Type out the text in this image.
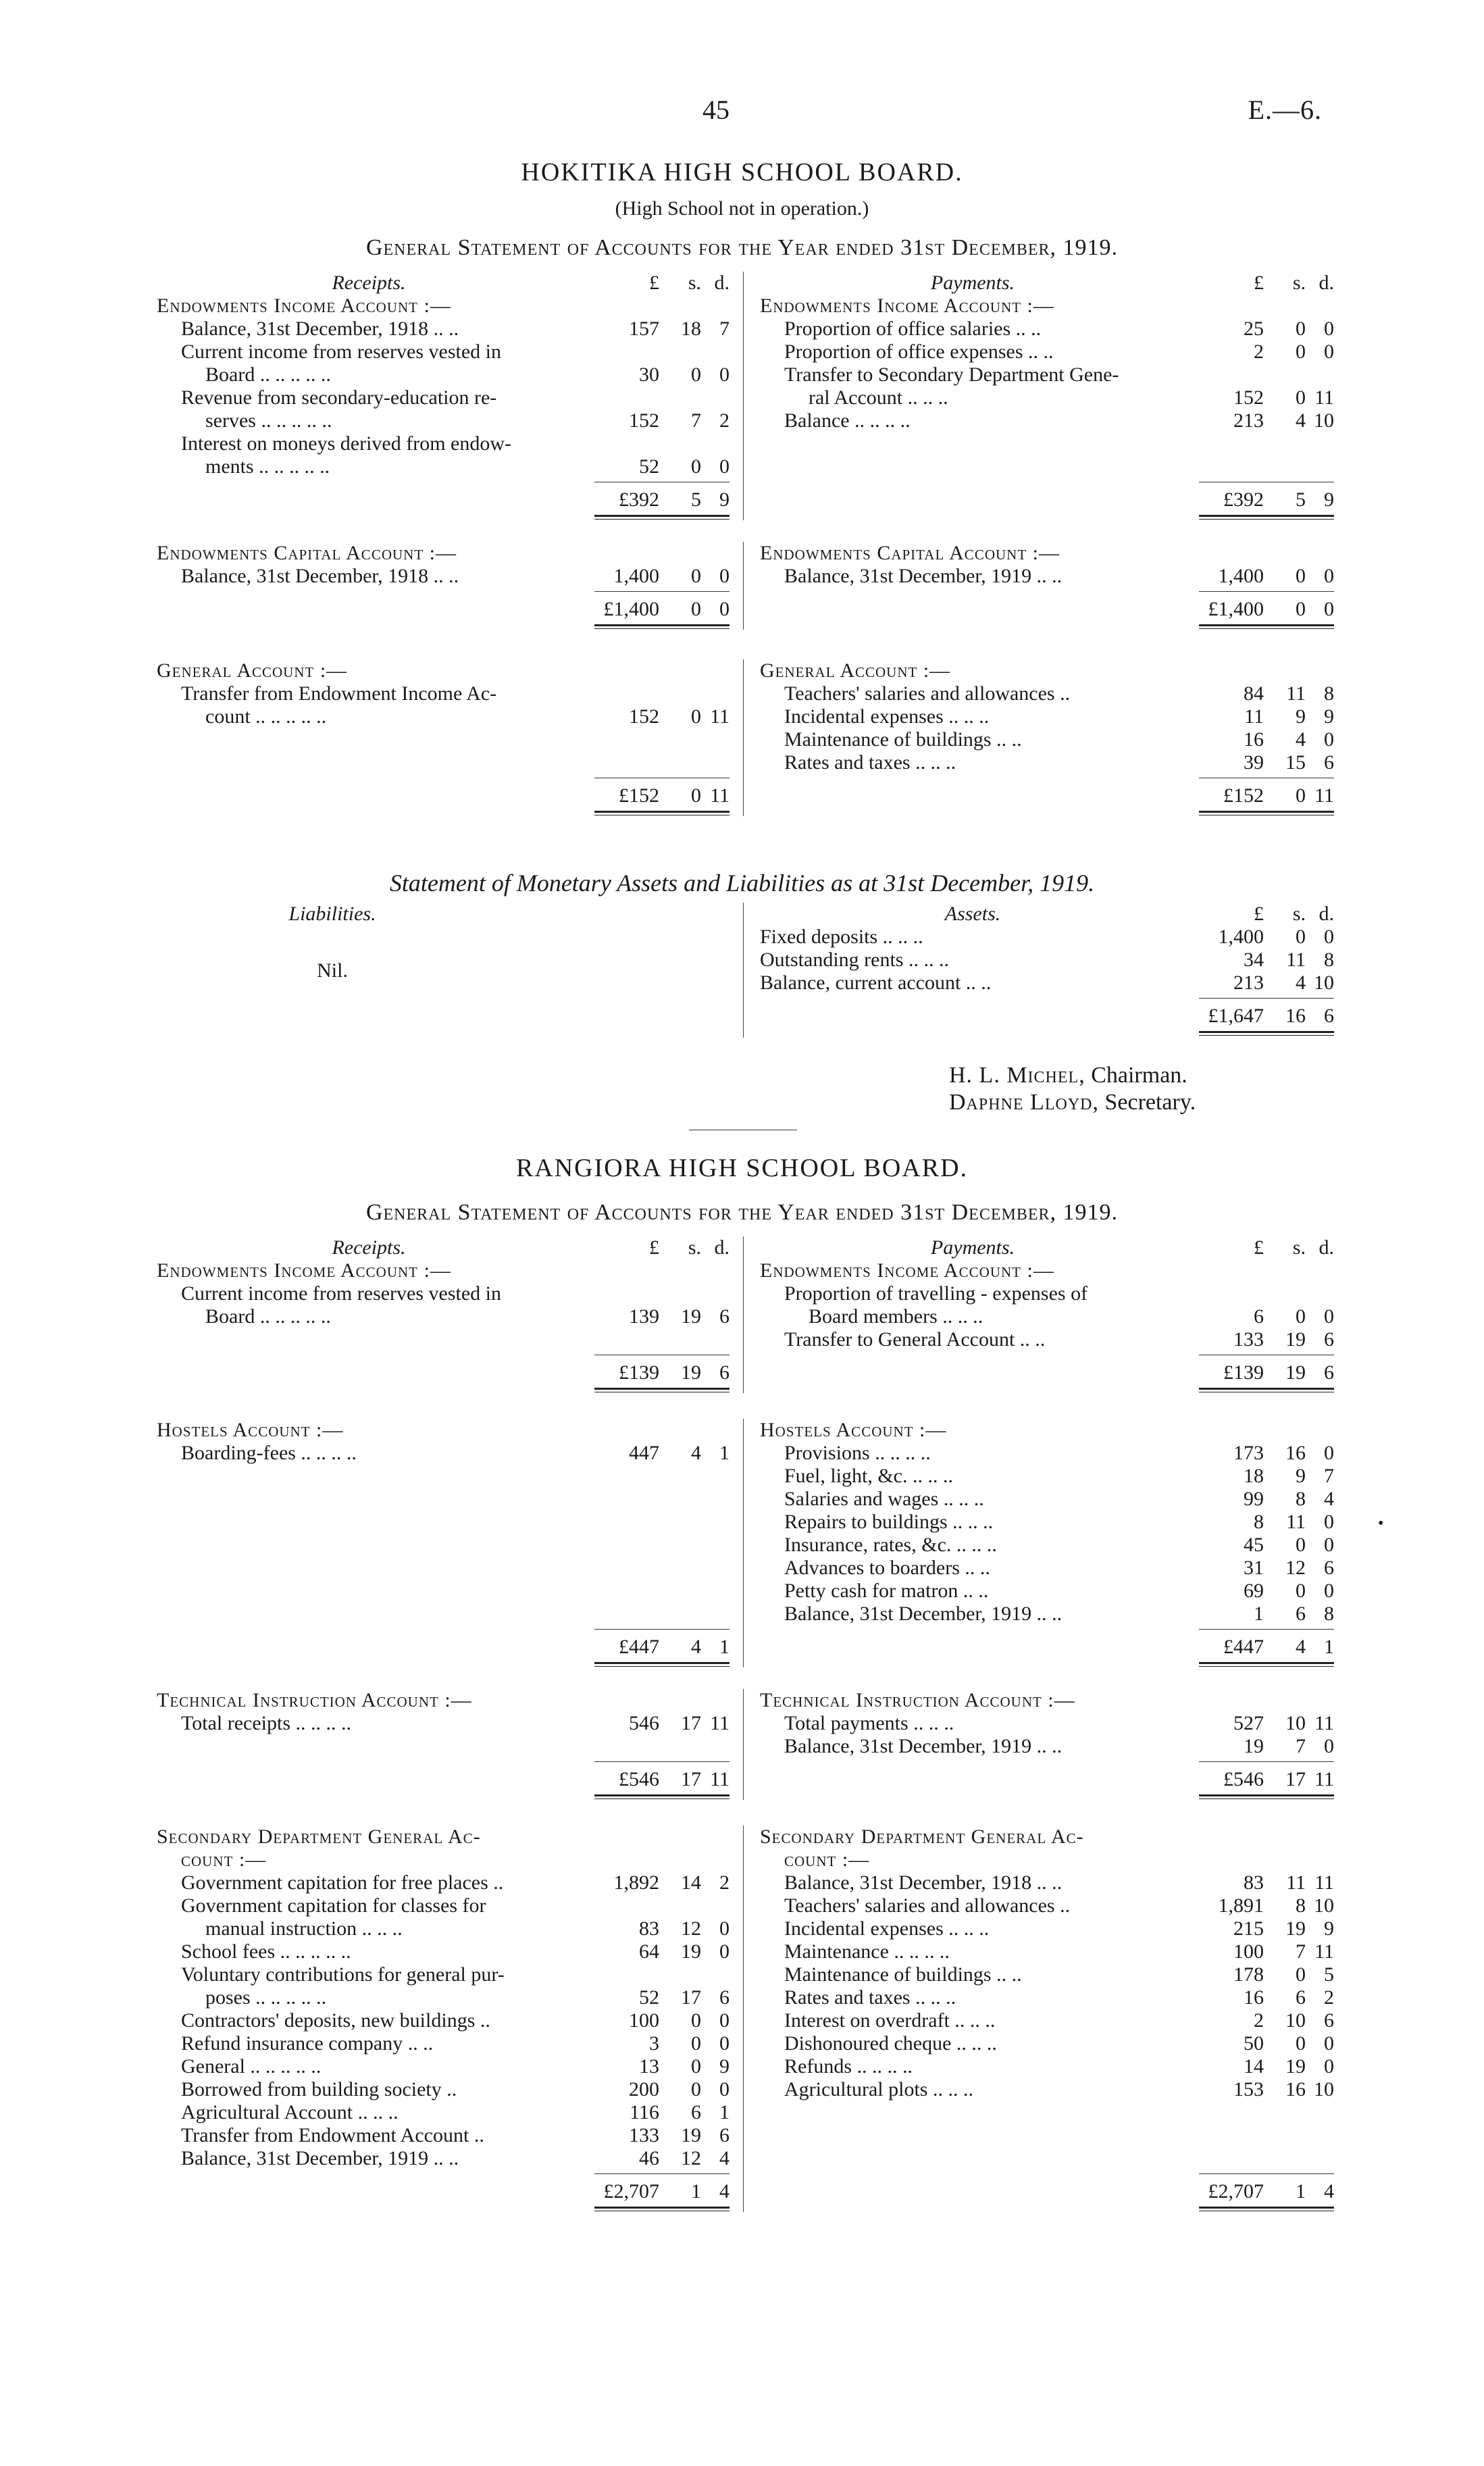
45	E.—6.
HOKITIKA HIGH SCHOOL BOARD.
(High School not in operation.)
General Statement of Accounts for the Year ended 31st December, 1919.
Receipts.	£	s. d.
Endowments Income Account :—
Balance, 31st December, 1918 .. ..	157	18 7
Current income from reserves vested in
Board .. .. .. .. ..	30	0 0
Revenue from secondary-education re-
serves .. .. .. .. ..	152	7 2
Interest on moneys derived from endow-
ments .. .. .. .. ..	52	0 0
£392	5 9
Payments.	£	s. d.
Endowments Income Account :—
Proportion of office salaries .. ..	25	0 0
Proportion of office expenses .. ..	2	0 0
Transfer to Secondary Department Gene-
ral Account .. .. ..	152	0 11
Balance .. .. .. ..	213	4 10
£392	5 9
Endowments Capital Account :—
Balance, 31st December, 1918 .. ..	1,400	0 0
£1,400	0 0
Endowments Capital Account :—
Balance, 31st December, 1919 .. ..	1,400	0 0
£1,400	0 0
General Account :—
Transfer from Endowment Income Ac-
count .. .. .. .. ..	152	0 11
£152	0 11
General Account :—
Teachers' salaries and allowances ..	84	11 8
Incidental expenses .. .. ..	11	9 9
Maintenance of buildings .. ..	16	4 0
Rates and taxes .. .. ..	39	15 6
£152	0 11
Statement of Monetary Assets and Liabilities as at 31st December, 1919.
Liabilities.
Nil.
Assets.	£	s. d.
Fixed deposits .. .. ..	1,400	0 0
Outstanding rents .. .. ..	34	11 8
Balance, current account .. ..	213	4 10
£1,647	16 6
H. L. Michel, Chairman.
Daphne Lloyd, Secretary.
RANGIORA HIGH SCHOOL BOARD.
General Statement of Accounts for the Year ended 31st December, 1919.
Receipts.	£	s. d.
Endowments Income Account :—
Current income from reserves vested in
Board .. .. .. .. ..	139	19 6
£139	19 6
Payments.	£	s. d.
Endowments Income Account :—
Proportion of travelling - expenses of
Board members .. .. ..	6	0 0
Transfer to General Account .. ..	133	19 6
£139	19 6
Hostels Account :—
Boarding-fees .. .. .. ..	447	4 1
£447	4 1
Hostels Account :—
Provisions .. .. .. ..	173	16 0
Fuel, light, &c. .. .. ..	18	9 7
Salaries and wages .. .. ..	99	8 4
Repairs to buildings .. .. ..	8	11 0
Insurance, rates, &c. .. .. ..	45	0 0
Advances to boarders .. ..	31	12 6
Petty cash for matron .. ..	69	0 0
Balance, 31st December, 1919 .. ..	1	6 8
£447	4 1
Technical Instruction Account :—
Total receipts .. .. .. ..	546	17 11
£546	17 11
Technical Instruction Account :—
Total payments .. .. ..	527	10 11
Balance, 31st December, 1919 .. ..	19	7 0
£546	17 11
Secondary Department General Ac-
count :—
Government capitation for free places ..	1,892	14 2
Government capitation for classes for
manual instruction .. .. ..	83	12 0
School fees .. .. .. .. ..	64	19 0
Voluntary contributions for general pur-
poses .. .. .. .. ..	52	17 6
Contractors' deposits, new buildings ..	100	0 0
Refund insurance company .. ..	3	0 0
General .. .. .. .. ..	13	0 9
Borrowed from building society ..	200	0 0
Agricultural Account .. .. ..	116	6 1
Transfer from Endowment Account ..	133	19 6
Balance, 31st December, 1919 .. ..	46	12 4
£2,707	1 4
Secondary Department General Ac-
count :—
Balance, 31st December, 1918 .. ..	83	11 11
Teachers' salaries and allowances ..	1,891	8 10
Incidental expenses .. .. ..	215	19 9
Maintenance .. .. .. ..	100	7 11
Maintenance of buildings .. ..	178	0 5
Rates and taxes .. .. ..	16	6 2
Interest on overdraft .. .. ..	2	10 6
Dishonoured cheque .. .. ..	50	0 0
Refunds .. .. .. ..	14	19 0
Agricultural plots .. .. ..	153	16 10
£2,707	1 4
•
